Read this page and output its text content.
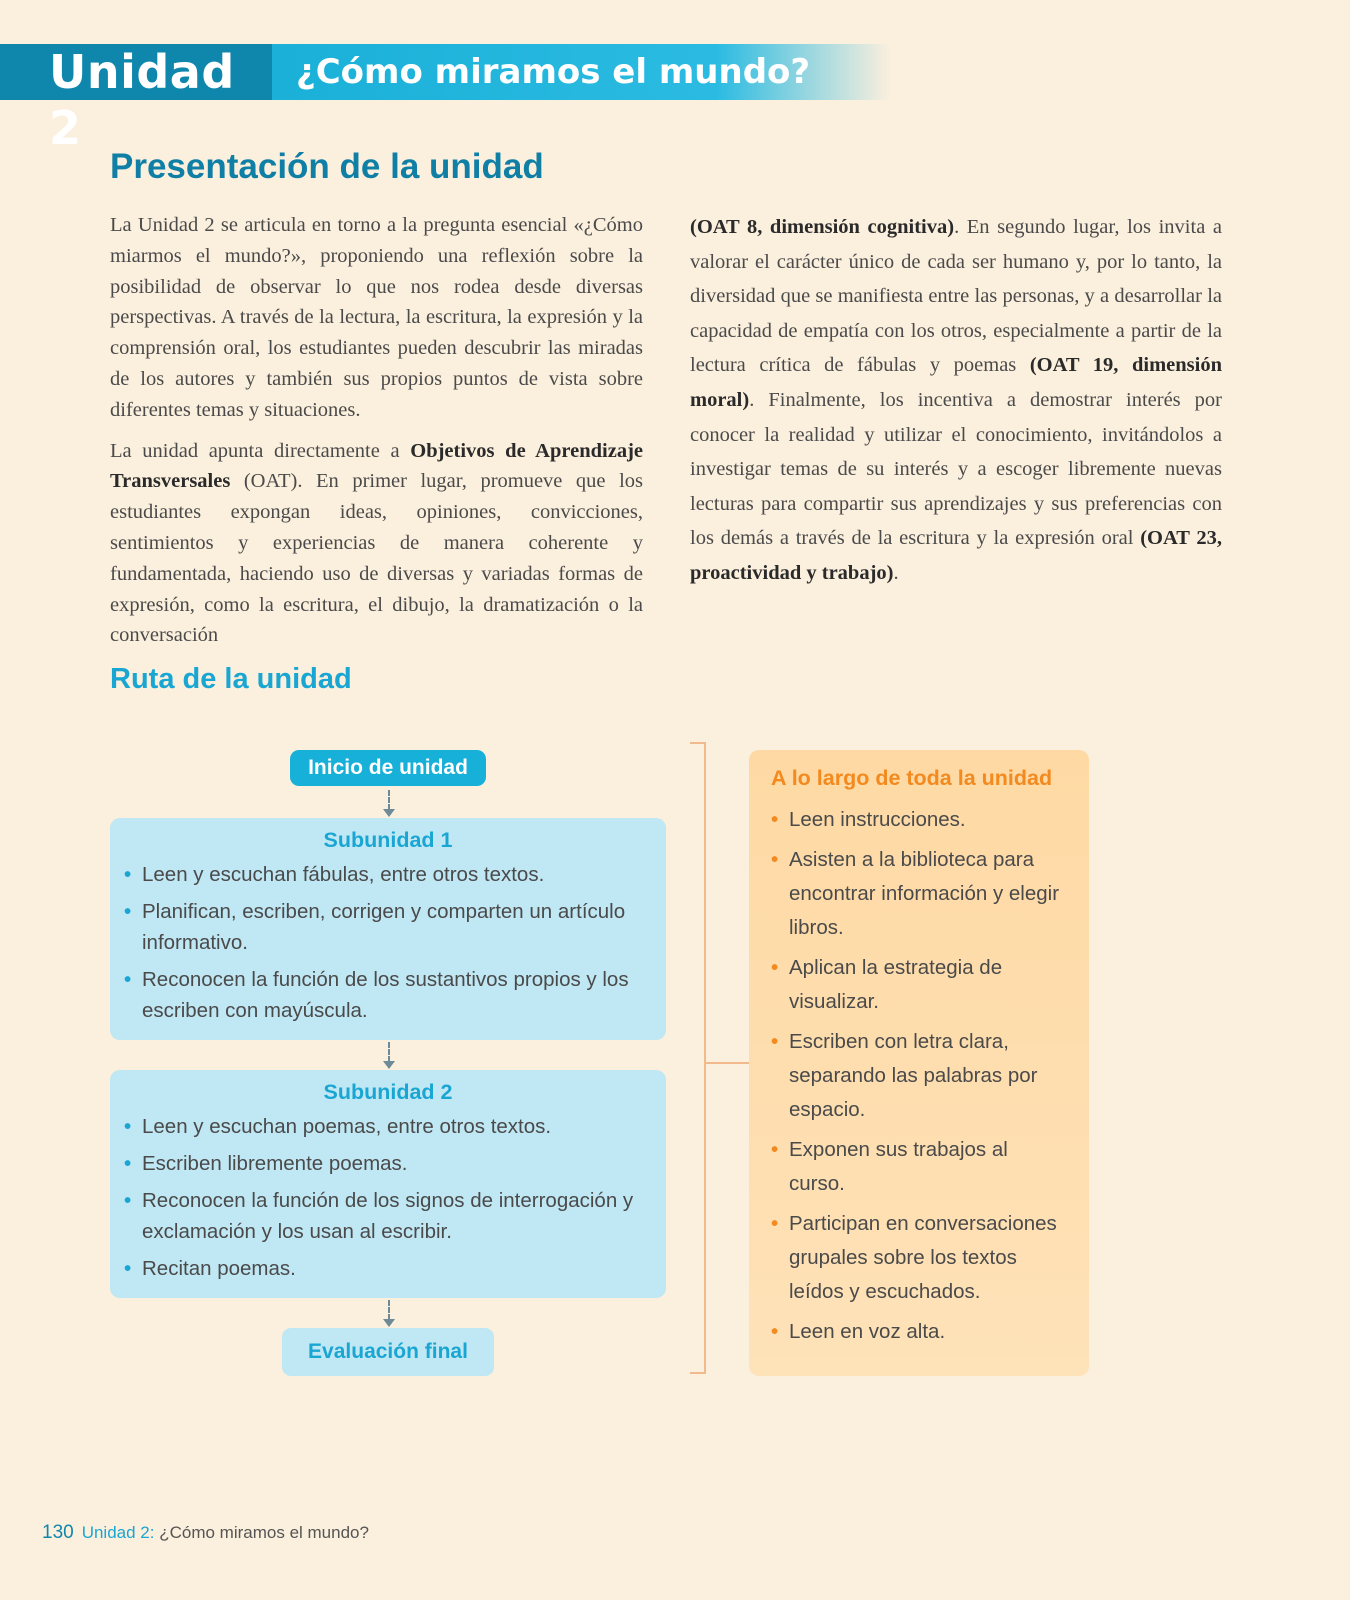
Unidad 2
¿Cómo miramos el mundo?
Presentación de la unidad

La Unidad 2 se articula en torno a la pregunta esencial «¿Cómo miarmos el mundo?», proponiendo una reflexión sobre la posibilidad de observar lo que nos rodea desde diversas perspectivas. A través de la lectura, la escritura, la expresión y la comprensión oral, los estudiantes pueden descubrir las miradas de los autores y también sus propios puntos de vista sobre diferentes temas y situaciones.

La unidad apunta directamente a Objetivos de Aprendizaje Transversales (OAT). En primer lugar, promueve que los estudiantes expongan ideas, opiniones, convicciones, sentimientos y experiencias de manera coherente y fundamentada, haciendo uso de diversas y variadas formas de expresión, como la escritura, el dibujo, la dramatización o la conversación

(OAT 8, dimensión cognitiva). En segundo lugar, los invita a valorar el carácter único de cada ser humano y, por lo tanto, la diversidad que se manifiesta entre las personas, y a desarrollar la capacidad de empatía con los otros, especialmente a partir de la lectura crítica de fábulas y poemas (OAT 19, dimensión moral). Finalmente, los incentiva a demostrar interés por conocer la realidad y utilizar el conocimiento, invitándolos a investigar temas de su interés y a escoger libremente nuevas lecturas para compartir sus aprendizajes y sus preferencias con los demás a través de la escritura y la expresión oral (OAT 23, proactividad y trabajo).

Ruta de la unidad
Inicio de unidad
Subunidad 1
• Leen y escuchan fábulas, entre otros textos.
• Planifican, escriben, corrigen y comparten un artículo informativo.
• Reconocen la función de los sustantivos propios y los escriben con mayúscula.
Subunidad 2
• Leen y escuchan poemas, entre otros textos.
• Escriben libremente poemas.
• Reconocen la función de los signos de interrogación y exclamación y los usan al escribir.
• Recitan poemas.
Evaluación final
A lo largo de toda la unidad
• Leen instrucciones.
• Asisten a la biblioteca para encontrar información y elegir libros.
• Aplican la estrategia de visualizar.
• Escriben con letra clara, separando las palabras por espacio.
• Exponen sus trabajos al curso.
• Participan en conversaciones grupales sobre los textos leídos y escuchados.
• Leen en voz alta.
130 Unidad 2: ¿Cómo miramos el mundo?
